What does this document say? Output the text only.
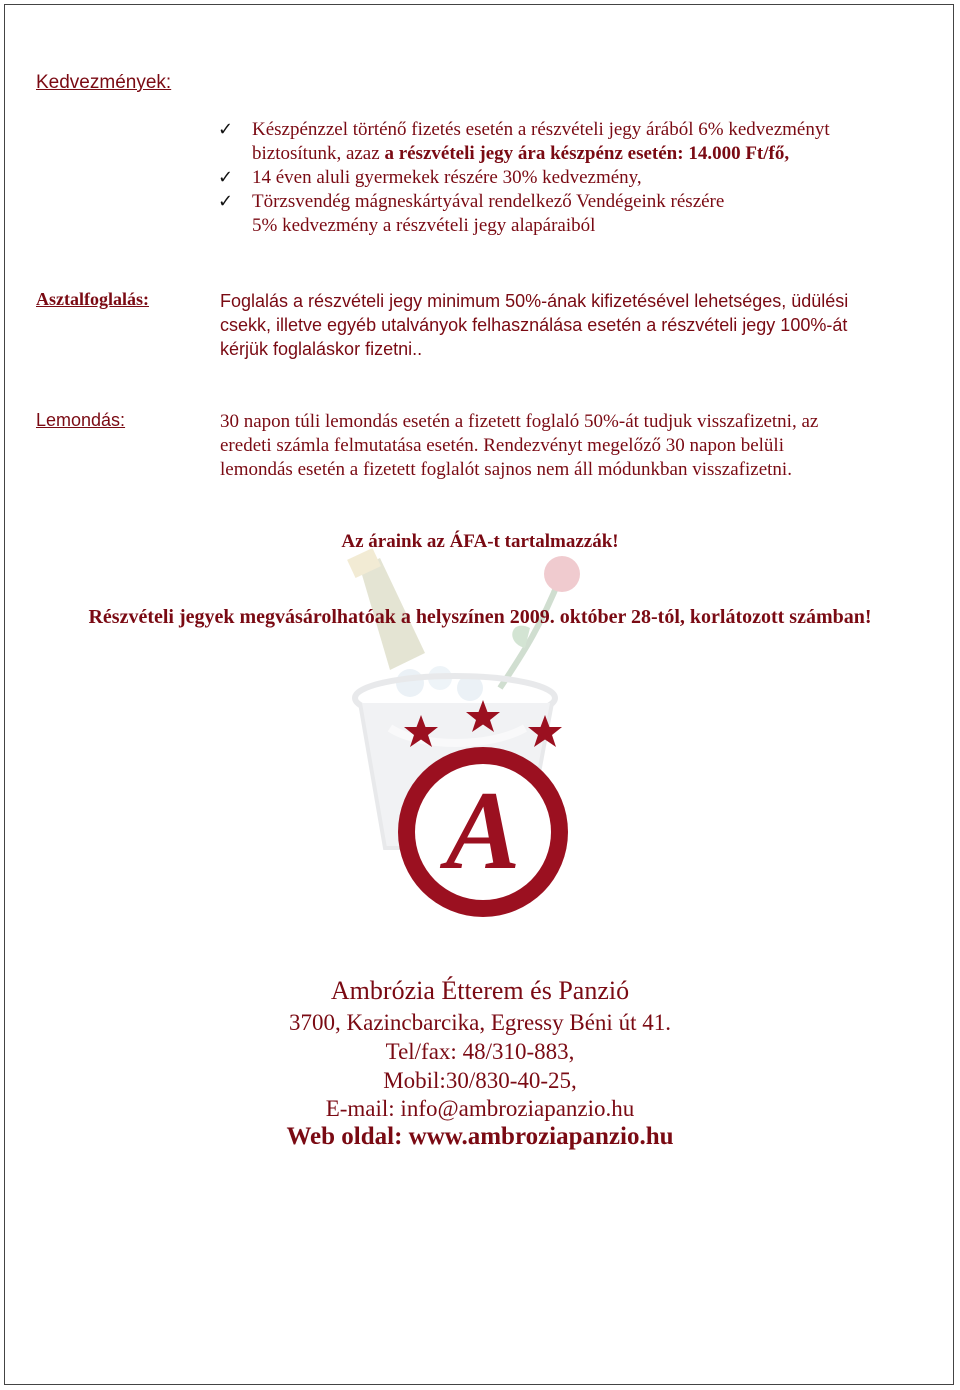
Kedvezmények:
✓ Készpénzzel történő fizetés esetén a részvételi jegy árából 6% kedvezményt
biztosítunk, azaz a részvételi jegy ára készpénz esetén: 14.000 Ft/fő,
✓ 14 éven aluli gyermekek részére 30% kedvezmény,
✓ Törzsvendég mágneskártyával rendelkező Vendégeink részére
5% kedvezmény a részvételi jegy alapáraiból
Asztalfoglalás:	Foglalás a részvételi jegy minimum 50%-ának kifizetésével lehetséges, üdülési
csekk, illetve egyéb utalványok felhasználása esetén a részvételi jegy 100%-át
kérjük foglaláskor fizetni..
Lemondás:	30 napon túli lemondás esetén a fizetett foglaló 50%-át tudjuk visszafizetni, az
eredeti számla felmutatása esetén. Rendezvényt megelőző 30 napon belüli
lemondás esetén a fizetett foglalót sajnos nem áll módunkban visszafizetni.
Az áraink az ÁFA-t tartalmazzák!
Részvételi jegyek megvásárolhatóak a helyszínen 2009. október 28-tól, korlátozott számban!
A
Ambrózia Étterem és Panzió
3700, Kazincbarcika, Egressy Béni út 41.
Tel/fax: 48/310-883,
Mobil:30/830-40-25,
E-mail: info@ambroziapanzio.hu
Web oldal: www.ambroziapanzio.hu
